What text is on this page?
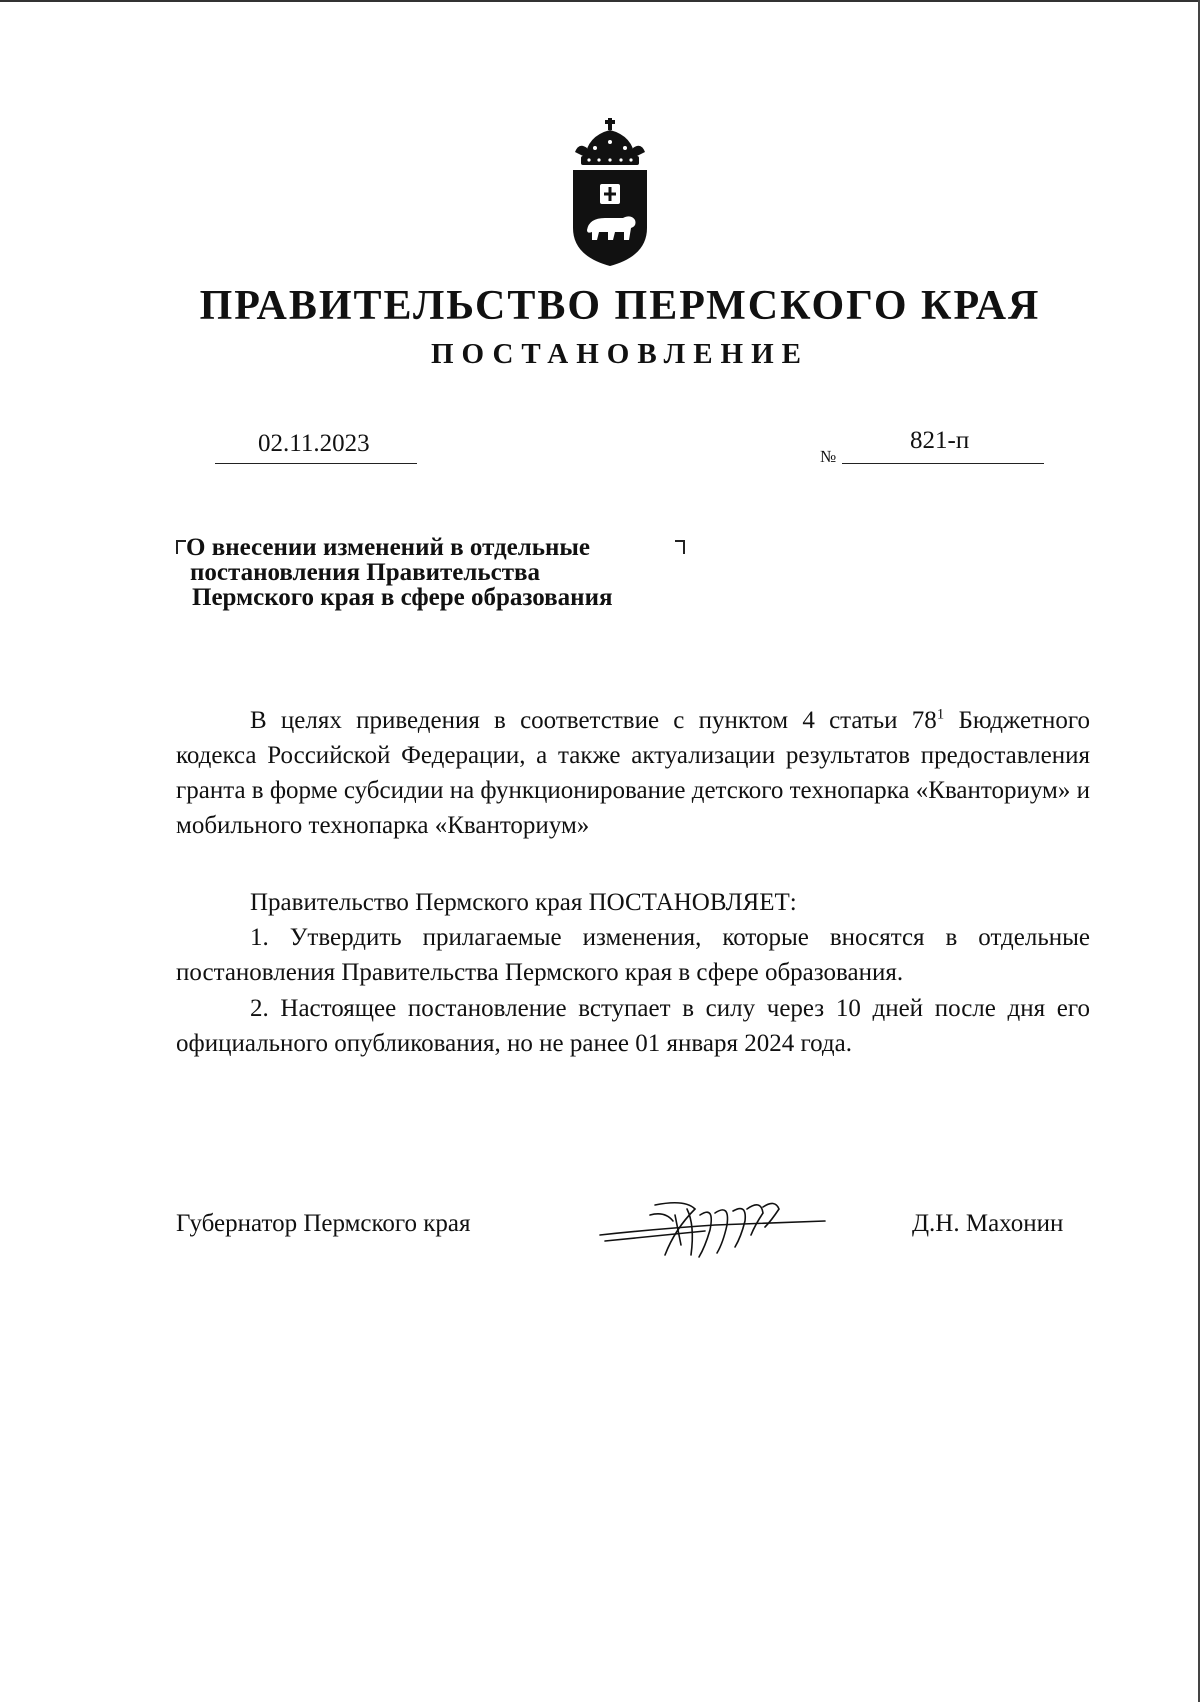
ПРАВИТЕЛЬСТВО ПЕРМСКОГО КРАЯ
ПОСТАНОВЛЕНИЕ
02.11.2023	№
821-п
О внесении изменений в отдельные
постановления Правительства
Пермского края в сфере образования
В целях приведения в соответствие с пунктом 4 статьи $78^1$ Бюджетного кодекса Российской Федерации, а также актуализации результатов предоставления гранта в форме субсидии на функционирование детского технопарка «Кванториум» и мобильного технопарка «Кванториум»
Правительство Пермского края ПОСТАНОВЛЯЕТ:
1. Утвердить прилагаемые изменения, которые вносятся в отдельные постановления Правительства Пермского края в сфере образования.
2. Настоящее постановление вступает в силу через 10 дней после дня его официального опубликования, но не ранее 01 января 2024 года.
Губернатор Пермского края	Д.Н. Махонин
